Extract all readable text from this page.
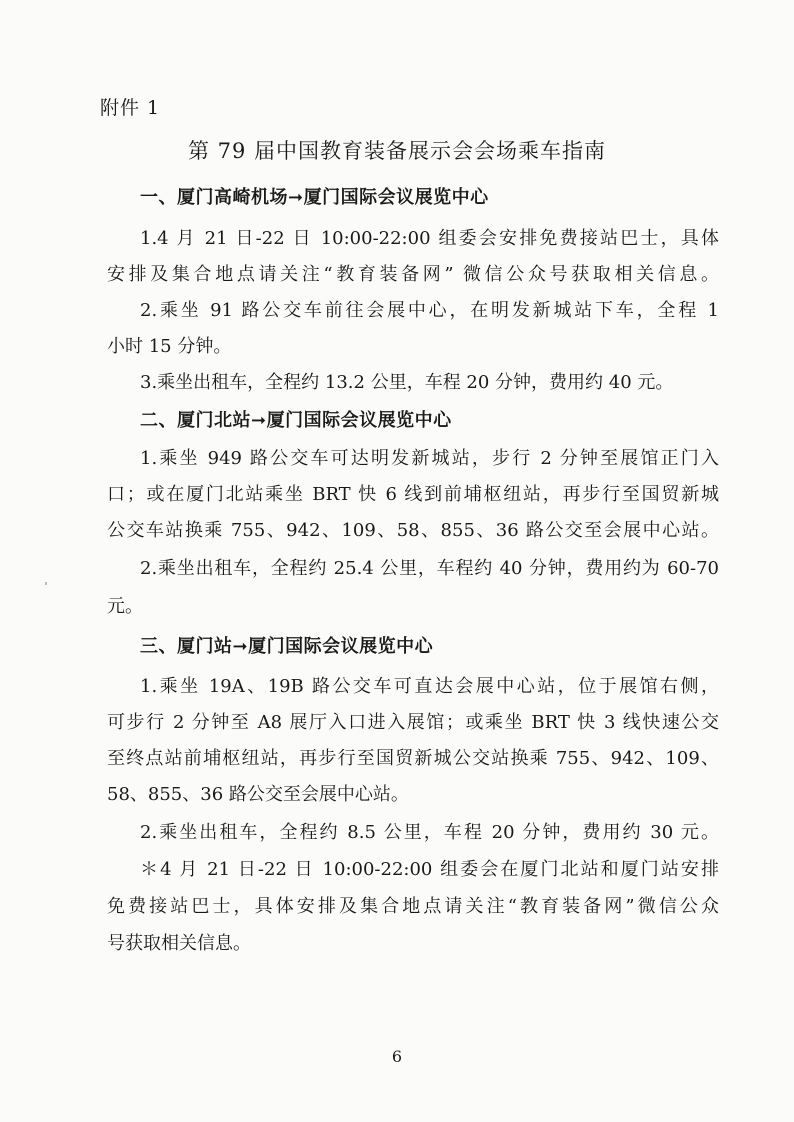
附件 1
第 79 届中国教育装备展示会会场乘车指南
一、厦门高崎机场➞厦门国际会议展览中心
1.4 月 21 日-22 日 10:00-22:00 组委会安排免费接站巴士，具体
安排及集合地点请关注“教育装备网” 微信公众号获取相关信息。
2.乘坐 91 路公交车前往会展中心，在明发新城站下车，全程 1
小时 15 分钟。
3.乘坐出租车，全程约 13.2 公里，车程 20 分钟，费用约 40 元。
二、厦门北站➞厦门国际会议展览中心
1.乘坐 949 路公交车可达明发新城站，步行 2 分钟至展馆正门入
口；或在厦门北站乘坐 BRT 快 6 线到前埔枢纽站，再步行至国贸新城
公交车站换乘 755、942、109、58、855、36 路公交至会展中心站。
2.乘坐出租车，全程约 25.4 公里，车程约 40 分钟，费用约为 60-70
元。
三、厦门站➞厦门国际会议展览中心
1.乘坐 19A、19B 路公交车可直达会展中心站，位于展馆右侧，
可步行 2 分钟至 A8 展厅入口进入展馆；或乘坐 BRT 快 3 线快速公交
至终点站前埔枢纽站，再步行至国贸新城公交站换乘 755、942、109、
58、855、36 路公交至会展中心站。
2.乘坐出租车，全程约 8.5 公里，车程 20 分钟，费用约 30 元。
＊4 月 21 日-22 日 10:00-22:00 组委会在厦门北站和厦门站安排
免费接站巴士，具体安排及集合地点请关注“教育装备网”微信公众
号获取相关信息。
6
